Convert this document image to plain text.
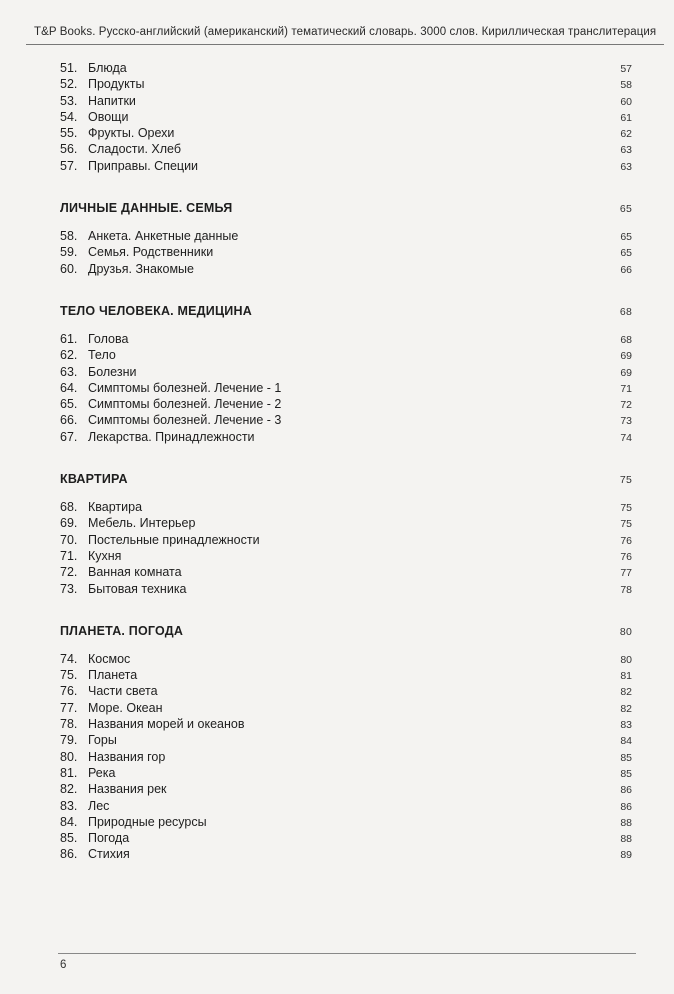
T&P Books. Русско-английский (американский) тематический словарь. 3000 слов. Кириллическая транслитерация
51. Блюда	57
52. Продукты	58
53. Напитки	60
54. Овощи	61
55. Фрукты. Орехи	62
56. Сладости. Хлеб	63
57. Приправы. Специи	63
ЛИЧНЫЕ ДАННЫЕ. СЕМЬЯ	65
58. Анкета. Анкетные данные	65
59. Семья. Родственники	65
60. Друзья. Знакомые	66
ТЕЛО ЧЕЛОВЕКА. МЕДИЦИНА	68
61. Голова	68
62. Тело	69
63. Болезни	69
64. Симптомы болезней. Лечение - 1	71
65. Симптомы болезней. Лечение - 2	72
66. Симптомы болезней. Лечение - 3	73
67. Лекарства. Принадлежности	74
КВАРТИРА	75
68. Квартира	75
69. Мебель. Интерьер	75
70. Постельные принадлежности	76
71. Кухня	76
72. Ванная комната	77
73. Бытовая техника	78
ПЛАНЕТА. ПОГОДА	80
74. Космос	80
75. Планета	81
76. Части света	82
77. Море. Океан	82
78. Названия морей и океанов	83
79. Горы	84
80. Названия гор	85
81. Река	85
82. Названия рек	86
83. Лес	86
84. Природные ресурсы	88
85. Погода	88
86. Стихия	89
6
